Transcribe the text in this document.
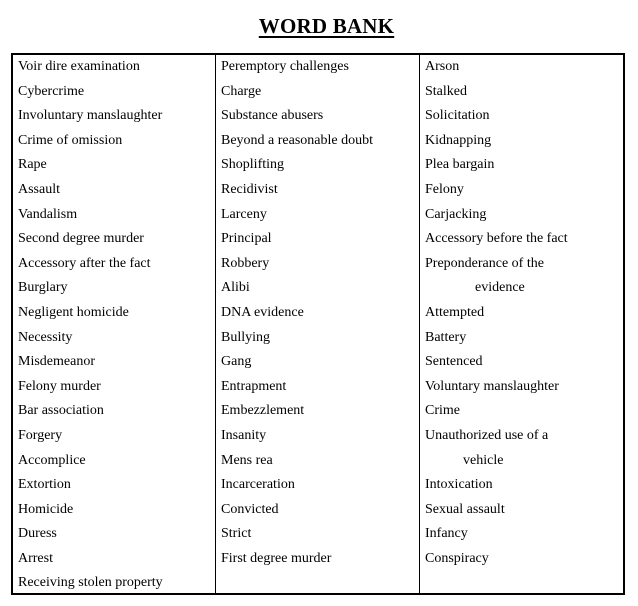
WORD BANK
Voir dire examination
Cybercrime
Involuntary manslaughter
Crime of omission
Rape
Assault
Vandalism
Second degree murder
Accessory after the fact
Burglary
Negligent homicide
Necessity
Misdemeanor
Felony murder
Bar association
Forgery
Accomplice
Extortion
Homicide
Duress
Arrest
Receiving stolen property
Peremptory challenges
Charge
Substance abusers
Beyond a reasonable doubt
Shoplifting
Recidivist
Larceny
Principal
Robbery
Alibi
DNA evidence
Bullying
Gang
Entrapment
Embezzlement
Insanity
Mens rea
Incarceration
Convicted
Strict
First degree murder
Arson
Stalked
Solicitation
Kidnapping
Plea bargain
Felony
Carjacking
Accessory before the fact
Preponderance of the
evidence
Attempted
Battery
Sentenced
Voluntary manslaughter
Crime
Unauthorized use of a
vehicle
Intoxication
Sexual assault
Infancy
Conspiracy
